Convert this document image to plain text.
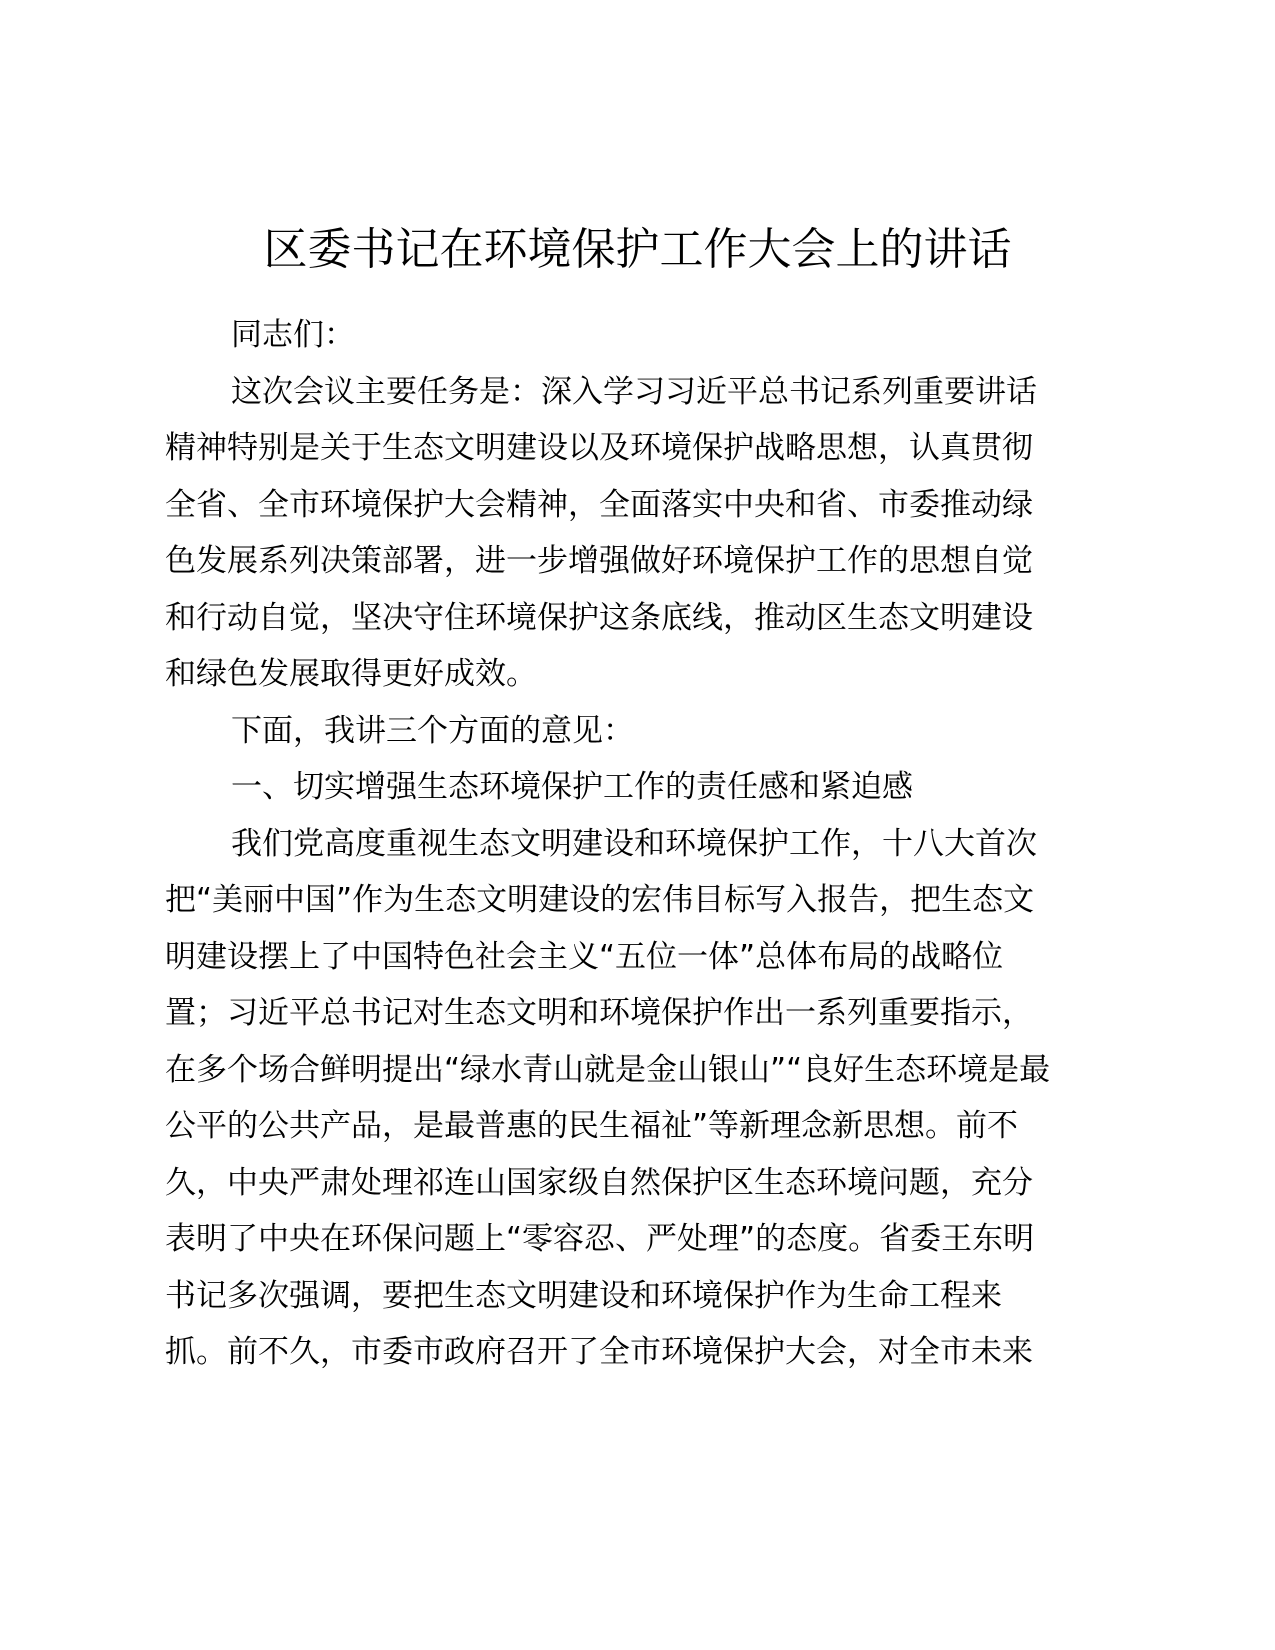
区委书记在环境保护工作大会上的讲话
同志们：
这次会议主要任务是：深入学习习近平总书记系列重要讲话
精神特别是关于生态文明建设以及环境保护战略思想，认真贯彻
全省、全市环境保护大会精神，全面落实中央和省、市委推动绿
色发展系列决策部署，进一步增强做好环境保护工作的思想自觉
和行动自觉，坚决守住环境保护这条底线，推动区生态文明建设
和绿色发展取得更好成效。
下面，我讲三个方面的意见：
一、切实增强生态环境保护工作的责任感和紧迫感
我们党高度重视生态文明建设和环境保护工作，十八大首次
把“美丽中国”作为生态文明建设的宏伟目标写入报告，把生态文
明建设摆上了中国特色社会主义“五位一体”总体布局的战略位
置；习近平总书记对生态文明和环境保护作出一系列重要指示，
在多个场合鲜明提出“绿水青山就是金山银山”“良好生态环境是最
公平的公共产品，是最普惠的民生福祉”等新理念新思想。前不
久，中央严肃处理祁连山国家级自然保护区生态环境问题，充分
表明了中央在环保问题上“零容忍、严处理”的态度。省委王东明
书记多次强调，要把生态文明建设和环境保护作为生命工程来
抓。前不久，市委市政府召开了全市环境保护大会，对全市未来
